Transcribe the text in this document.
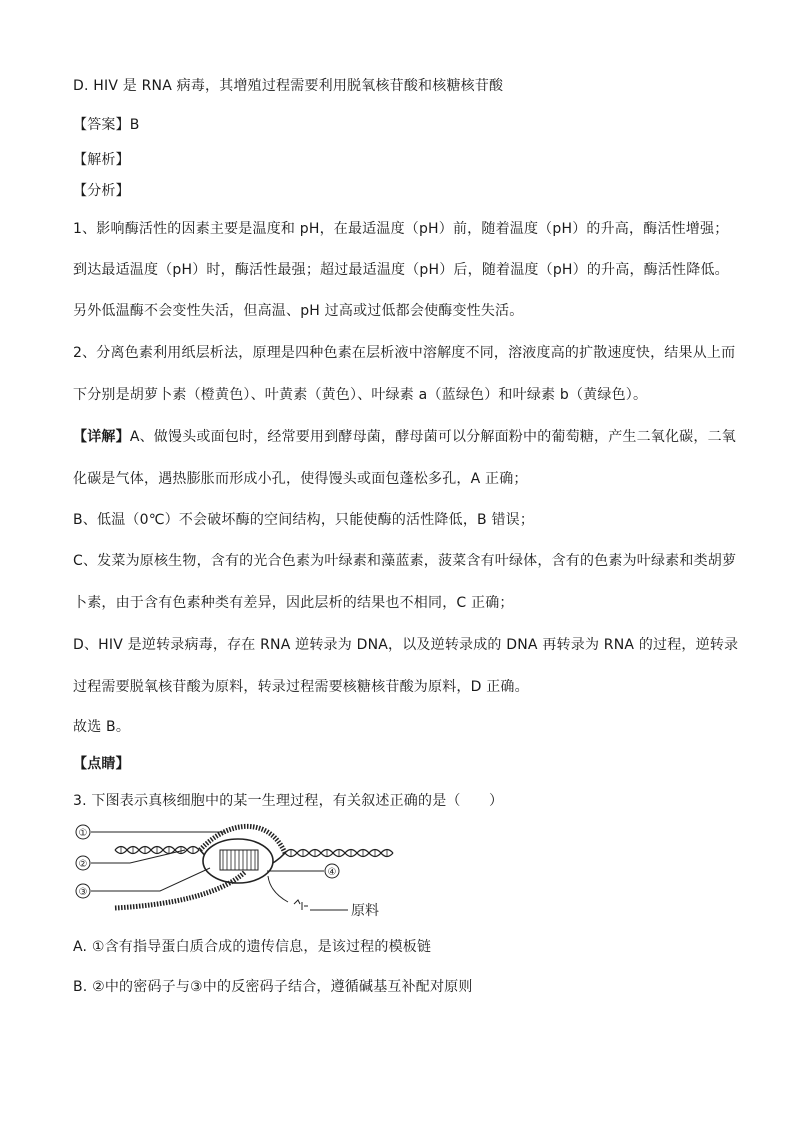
D. HIV 是 RNA 病毒，其增殖过程需要利用脱氧核苷酸和核糖核苷酸
【答案】B
【解析】
【分析】
1、影响酶活性的因素主要是温度和 pH，在最适温度（pH）前，随着温度（pH）的升高，酶活性增强；
到达最适温度（pH）时，酶活性最强；超过最适温度（pH）后，随着温度（pH）的升高，酶活性降低。
另外低温酶不会变性失活，但高温、pH 过高或过低都会使酶变性失活。
2、分离色素利用纸层析法，原理是四种色素在层析液中溶解度不同，溶液度高的扩散速度快，结果从上而
下分别是胡萝卜素（橙黄色）、叶黄素（黄色）、叶绿素 a（蓝绿色）和叶绿素 b（黄绿色）。
【详解】A、做馒头或面包时，经常要用到酵母菌，酵母菌可以分解面粉中的葡萄糖，产生二氧化碳，二氧
化碳是气体，遇热膨胀而形成小孔，使得馒头或面包蓬松多孔，A 正确；
B、低温（0℃）不会破坏酶的空间结构，只能使酶的活性降低，B 错误；
C、发菜为原核生物，含有的光合色素为叶绿素和藻蓝素，菠菜含有叶绿体，含有的色素为叶绿素和类胡萝
卜素，由于含有色素种类有差异，因此层析的结果也不相同，C 正确；
D、HIV 是逆转录病毒，存在 RNA 逆转录为 DNA，以及逆转录成的 DNA 再转录为 RNA 的过程，逆转录
过程需要脱氧核苷酸为原料，转录过程需要核糖核苷酸为原料，D 正确。
故选 B。
【点睛】
3. 下图表示真核细胞中的某一生理过程，有关叙述正确的是（　　）
①
②
③
④
原料
A. ①含有指导蛋白质合成的遗传信息，是该过程的模板链
B. ②中的密码子与③中的反密码子结合，遵循碱基互补配对原则
